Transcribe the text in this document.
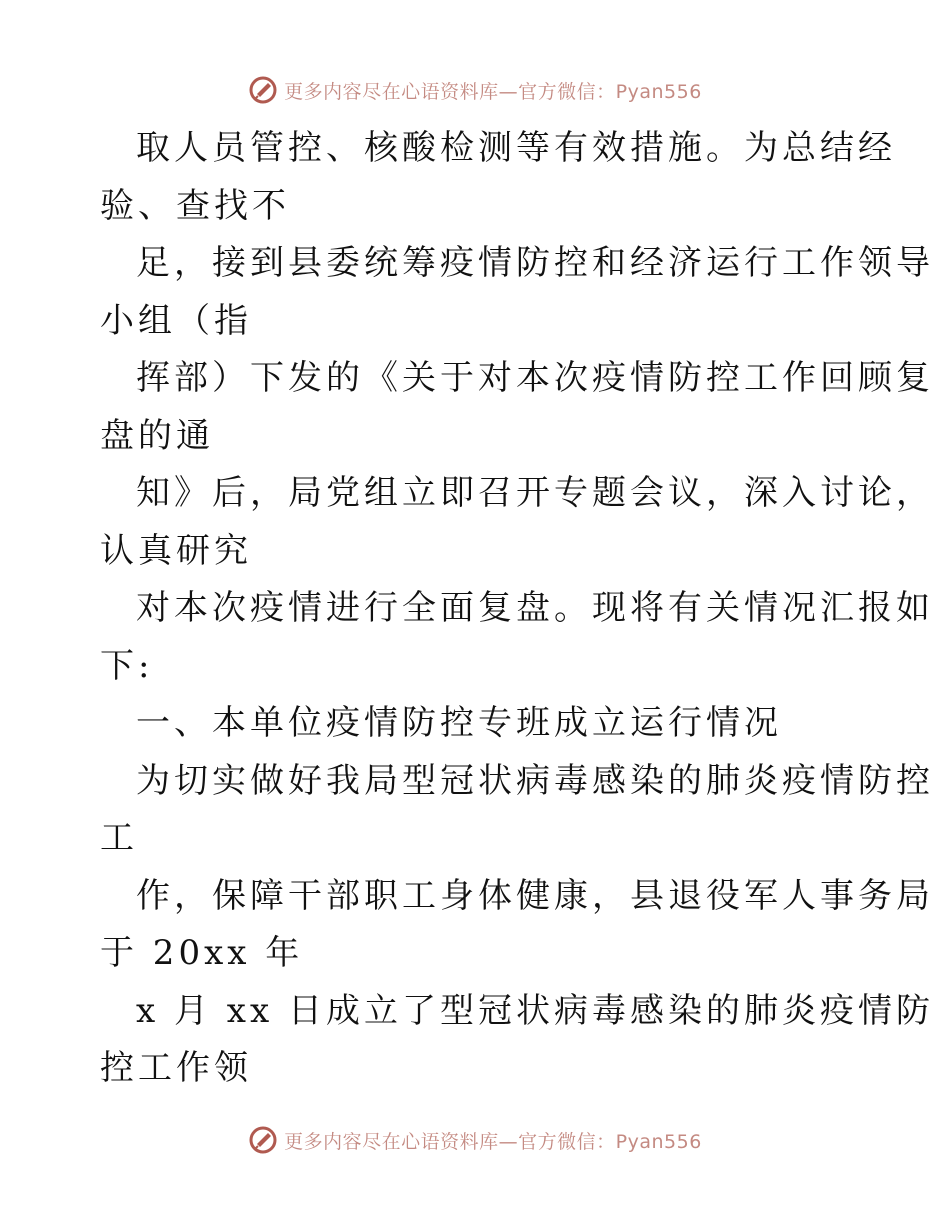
更多内容尽在心语资料库—官方微信：Pyan556
取人员管控、核酸检测等有效措施。为总结经
验、查找不
足，接到县委统筹疫情防控和经济运行工作领导
小组（指
挥部）下发的《关于对本次疫情防控工作回顾复
盘的通
知》后，局党组立即召开专题会议，深入讨论，
认真研究
对本次疫情进行全面复盘。现将有关情况汇报如
下:
一、本单位疫情防控专班成立运行情况
为切实做好我局型冠状病毒感染的肺炎疫情防控
工
作，保障干部职工身体健康，县退役军人事务局
于 20xx 年
x 月 xx 日成立了型冠状病毒感染的肺炎疫情防
控工作领
更多内容尽在心语资料库—官方微信：Pyan556
